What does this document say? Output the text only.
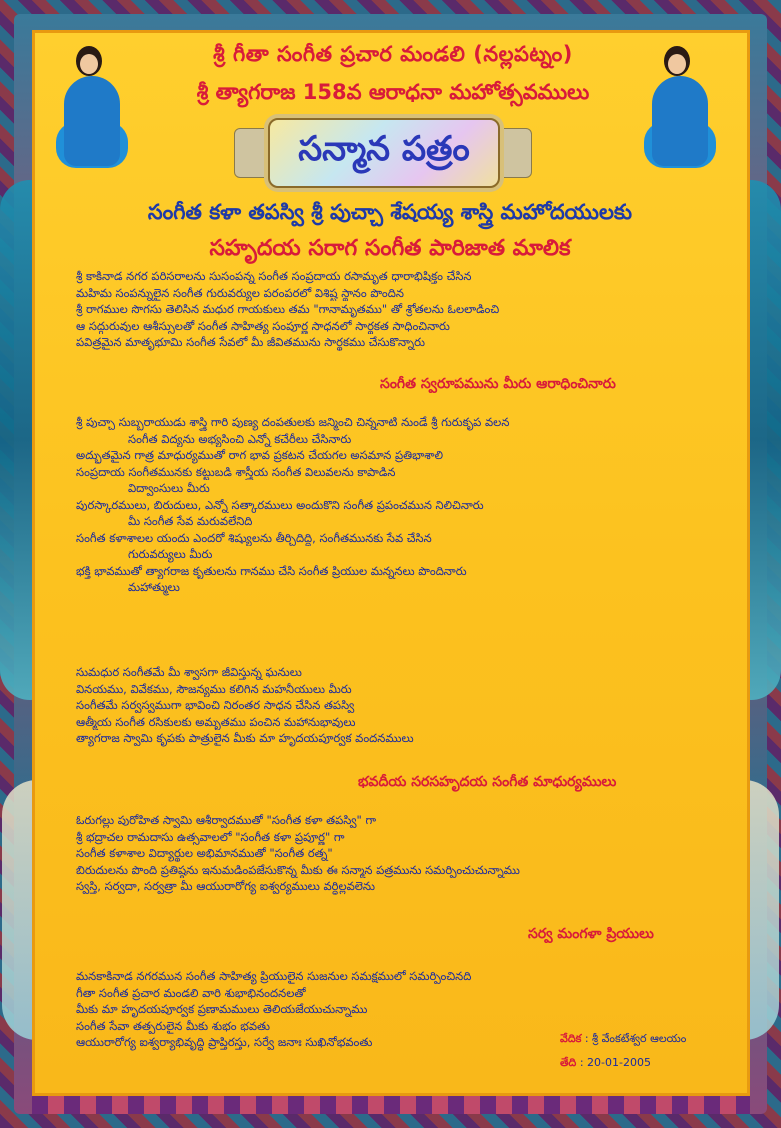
శ్రీ గీతా సంగీత ప్రచార మండలి (నల్లపట్నం)
శ్రీ త్యాగరాజ 158వ ఆరాధనా మహోత్సవములు
సన్మాన పత్రం
సంగీత కళా తపస్వి శ్రీ పుచ్చా శేషయ్య శాస్త్రి మహోదయులకు
సహృదయ సరాగ సంగీత పారిజాత మాలిక
శ్రీ కాకినాడ నగర పరిసరాలను సుసంపన్న సంగీత సంప్రదాయ రసామృత ధారాభిషిక్తం చేసిన
మహిమ సంపన్నులైన సంగీత గురువర్యుల పరంపరలో విశిష్ట స్థానం పొందిన
శ్రీ రాగముల సొగసు తెలిసిన మధుర గాయకులు తమ "గానామృతము" తో శ్రోతలను ఓలలాడించి
ఆ సద్గురువుల ఆశీస్సులతో సంగీత సాహిత్య సంపూర్ణ సాధనలో సార్థకత సాధించినారు
పవిత్రమైన మాతృభూమి సంగీత సేవలో మీ జీవితమును సార్థకము చేసుకొన్నారు
సంగీత స్వరూపమును మీరు ఆరాధించినారు
శ్రీ పుచ్చా సుబ్బరాయుడు శాస్త్రి గారి పుణ్య దంపతులకు జన్మించి చిన్ననాటి నుండే శ్రీ గురుకృప వలన
సంగీత విద్యను అభ్యసించి ఎన్నో కచేరీలు చేసినారు
అద్భుతమైన గాత్ర మాధుర్యముతో రాగ భావ ప్రకటన చేయగల అసమాన ప్రతిభాశాలి
సంప్రదాయ సంగీతమునకు కట్టుబడి శాస్త్రీయ సంగీత విలువలను కాపాడిన
విద్వాంసులు మీరు
పురస్కారములు, బిరుదులు, ఎన్నో సత్కారములు అందుకొని సంగీత ప్రపంచమున నిలిచినారు
మీ సంగీత సేవ మరువలేనిది
సంగీత కళాశాలల యందు ఎందరో శిష్యులను తీర్చిదిద్ది, సంగీతమునకు సేవ చేసిన
గురువర్యులు మీరు
భక్తి భావముతో త్యాగరాజ కృతులను గానము చేసి సంగీత ప్రియుల మన్ననలు పొందినారు
మహాత్ములు
సుమధుర సంగీతమే మీ శ్వాసగా జీవిస్తున్న ఘనులు
వినయము, వివేకము, సౌజన్యము కలిగిన మహనీయులు మీరు
సంగీతమే సర్వస్వముగా భావించి నిరంతర సాధన చేసిన తపస్వి
ఆత్మీయ సంగీత రసికులకు అమృతము పంచిన మహానుభావులు
త్యాగరాజ స్వామి కృపకు పాత్రులైన మీకు మా హృదయపూర్వక వందనములు
భవదీయ సరసహృదయ సంగీత మాధుర్యములు
ఓరుగల్లు పురోహిత స్వామి ఆశీర్వాదముతో "సంగీత కళా తపస్వి" గా
శ్రీ భద్రాచల రామదాసు ఉత్సవాలలో "సంగీత కళా ప్రపూర్ణ" గా
సంగీత కళాశాల విద్యార్థుల అభిమానముతో "సంగీత రత్న"
బిరుదులను పొంది ప్రతిష్ఠను ఇనుమడింపజేసుకొన్న మీకు ఈ సన్మాన పత్రమును సమర్పించుచున్నాము
స్వస్తి, సర్వదా, సర్వత్రా మీ ఆయురారోగ్య ఐశ్వర్యములు వర్ధిల్లవలెను
సర్వ మంగళా ప్రియులు
మనకాకినాడ నగరమున సంగీత సాహిత్య ప్రియులైన సుజనుల సమక్షములో సమర్పించినది
గీతా సంగీత ప్రచార మండలి వారి శుభాభినందనలతో
మీకు మా హృదయపూర్వక ప్రణామములు తెలియజేయుచున్నాము
సంగీత సేవా తత్పరులైన మీకు శుభం భవతు
ఆయురారోగ్య ఐశ్వర్యాభివృద్ధి ప్రాప్తిరస్తు, సర్వే జనాః సుఖినోభవంతు	వేదిక : శ్రీ వేంకటేశ్వర ఆలయం
తేది : 20-01-2005
